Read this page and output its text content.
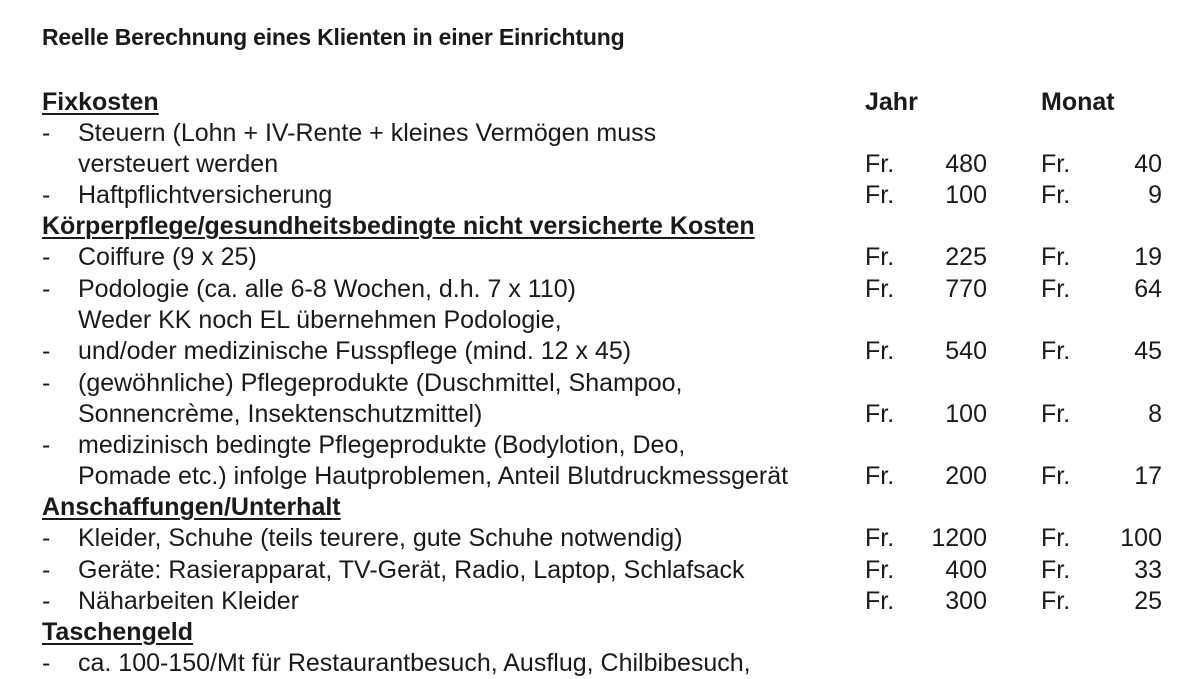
Reelle Berechnung eines Klienten in einer Einrichtung
Fixkosten	Jahr	Monat
- Steuern (Lohn + IV-Rente + kleines Vermögen muss
versteuert werden	Fr.	480 Fr.	40
- Haftpflichtversicherung	Fr.	100 Fr.	9
Körperpflege/gesundheitsbedingte nicht versicherte Kosten
- Coiffure (9 x 25)	Fr.	225 Fr.	19
- Podologie (ca. alle 6-8 Wochen, d.h. 7 x 110)	Fr.	770 Fr.	64
Weder KK noch EL übernehmen Podologie,
- und/oder medizinische Fusspflege (mind. 12 x 45)	Fr.	540 Fr.	45
- (gewöhnliche) Pflegeprodukte (Duschmittel, Shampoo,
Sonnencrème, Insektenschutzmittel)	Fr.	100 Fr.	8
- medizinisch bedingte Pflegeprodukte (Bodylotion, Deo,
Pomade etc.) infolge Hautproblemen, Anteil Blutdruckmessgerät	Fr.	200 Fr.	17
Anschaffungen/Unterhalt
- Kleider, Schuhe (teils teurere, gute Schuhe notwendig)	Fr.	1200 Fr.	100
- Geräte: Rasierapparat, TV-Gerät, Radio, Laptop, Schlafsack	Fr.	400 Fr.	33
- Näharbeiten Kleider	Fr.	300 Fr.	25
Taschengeld
- ca. 100-150/Mt für Restaurantbesuch, Ausflug, Chilbibesuch,
